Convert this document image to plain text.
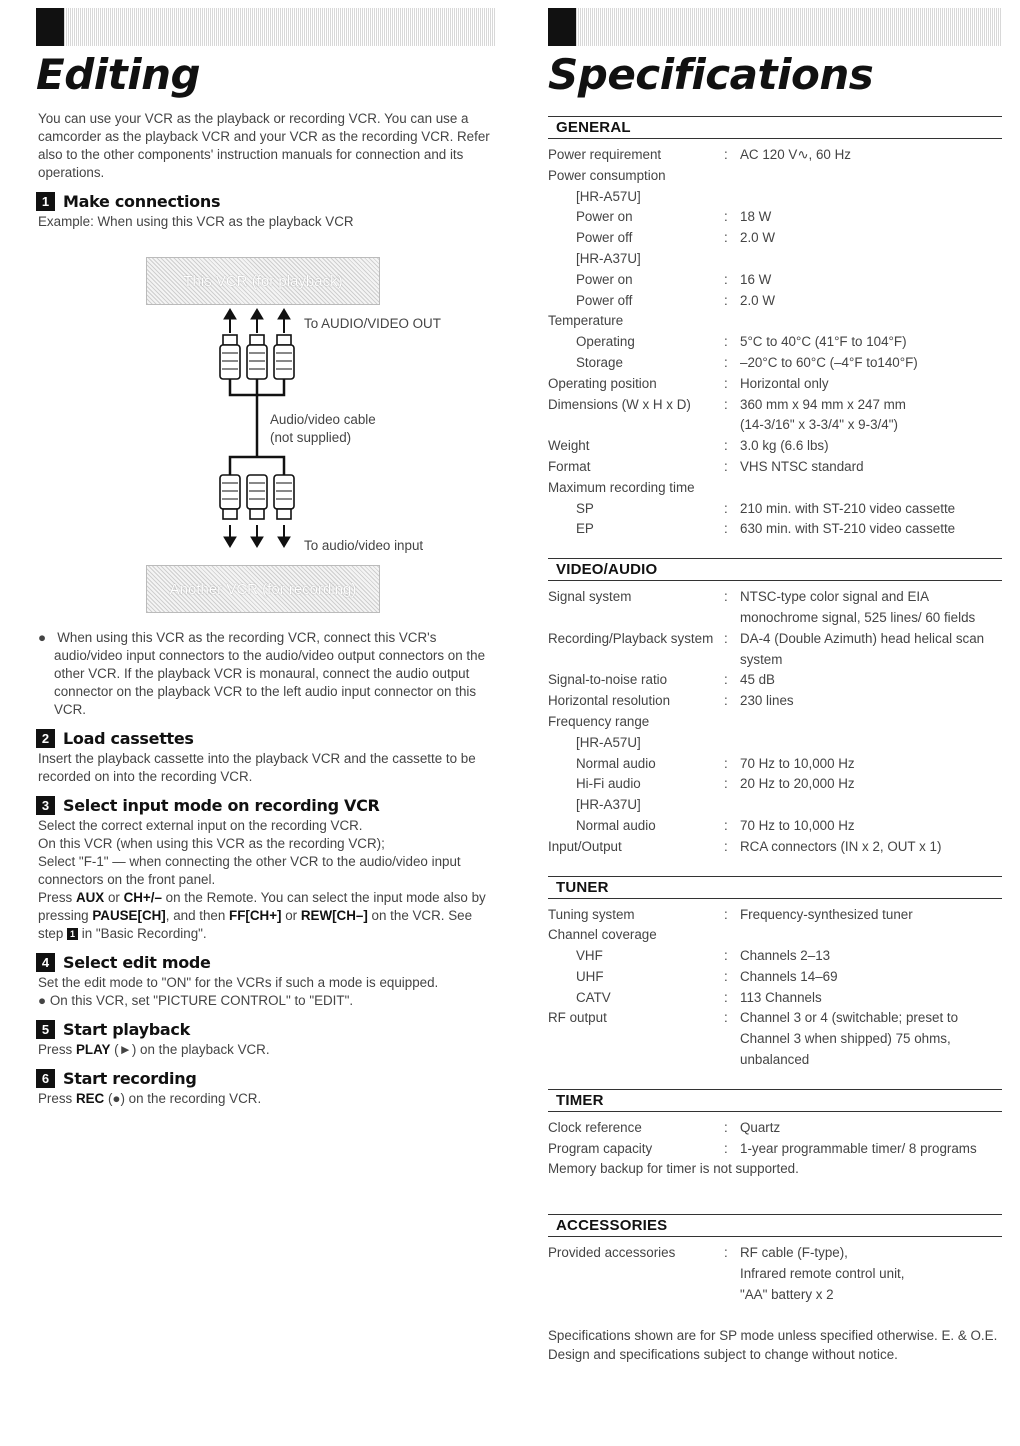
Editing
You can use your VCR as the playback or recording VCR. You can use a camcorder as the playback VCR and your VCR as the recording VCR. Refer also to the other components' instruction manuals for connection and its operations.
1 Make connections
Example: When using this VCR as the playback VCR
This VCR (for playback)
To AUDIO/VIDEO OUT
Audio/video cable
(not supplied)
To audio/video input
Another VCR (for recording)
●   When using this VCR as the recording VCR, connect this VCR's audio/video input connectors to the audio/video output connectors on the other VCR. If the playback VCR is monaural, connect the audio output connector on the playback VCR to the left audio input connector on this VCR.
2 Load cassettes
Insert the playback cassette into the playback VCR and the cassette to be recorded on into the recording VCR.
3 Select input mode on recording VCR
Select the correct external input on the recording VCR.
On this VCR (when using this VCR as the recording VCR);
Select "F-1" — when connecting the other VCR to the audio/video input connectors on the front panel.
Press AUX or CH+/– on the Remote. You can select the input mode also by pressing PAUSE[CH], and then FF[CH+] or REW[CH–] on the VCR. See step 1 in "Basic Recording".
4 Select edit mode
Set the edit mode to "ON" for the VCRs if such a mode is equipped.
● On this VCR, set "PICTURE CONTROL" to "EDIT".
5 Start playback
Press PLAY (►) on the playback VCR.
6 Start recording
Press REC (●) on the recording VCR.
Specifications
GENERAL
Power requirement	: AC 120 V∿, 60 Hz
Power consumption
[HR-A57U]
Power on	: 18 W
Power off	: 2.0 W
[HR-A37U]
Power on	: 16 W
Power off	: 2.0 W
Temperature
Operating	: 5°C to 40°C (41°F to 104°F)
Storage	: –20°C to 60°C (–4°F to140°F)
Operating position	: Horizontal only
Dimensions (W x H x D)	: 360 mm x 94 mm x 247 mm
(14-3/16" x 3-3/4" x 9-3/4")
Weight	: 3.0 kg (6.6 lbs)
Format	: VHS NTSC standard
Maximum recording time
SP	: 210 min. with ST-210 video cassette
EP	: 630 min. with ST-210 video cassette
VIDEO/AUDIO
Signal system	: NTSC-type color signal and EIA monochrome signal, 525 lines/ 60 fields
Recording/Playback system : DA-4 (Double Azimuth) head helical scan system
Signal-to-noise ratio	: 45 dB
Horizontal resolution	: 230 lines
Frequency range
[HR-A57U]
Normal audio	: 70 Hz to 10,000 Hz
Hi-Fi audio	: 20 Hz to 20,000 Hz
[HR-A37U]
Normal audio	: 70 Hz to 10,000 Hz
Input/Output	: RCA connectors (IN x 2, OUT x 1)
TUNER
Tuning system	: Frequency-synthesized tuner
Channel coverage
VHF	: Channels 2–13
UHF	: Channels 14–69
CATV	: 113 Channels
RF output	: Channel 3 or 4 (switchable; preset to Channel 3 when shipped) 75 ohms, unbalanced
TIMER
Clock reference	: Quartz
Program capacity	: 1-year programmable timer/ 8 programs
Memory backup for timer is not supported.
ACCESSORIES
Provided accessories	: RF cable (F-type),
Infrared remote control unit,
"AA" battery x 2
Specifications shown are for SP mode unless specified otherwise. E. & O.E. Design and specifications subject to change without notice.
